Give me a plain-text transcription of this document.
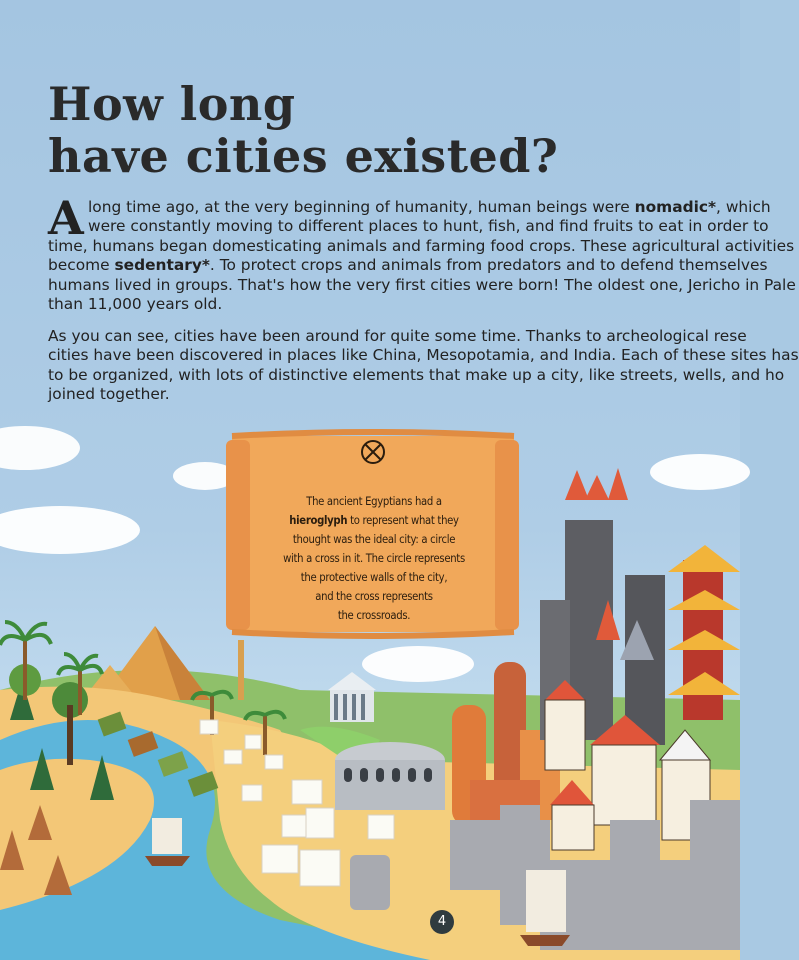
How long
have cities existed?
A long time ago, at the very beginning of humanity, human beings were nomadic*, which
were constantly moving to different places to hunt, fish, and find fruits to eat in order to
time, humans began domesticating animals and farming food crops. These agricultural activities
become sedentary*. To protect crops and animals from predators and to defend themselves
humans lived in groups. That's how the very first cities were born! The oldest one, Jericho in Pale
than 11,000 years old.
As you can see, cities have been around for quite some time. Thanks to archeological rese
cities have been discovered in places like China, Mesopotamia, and India. Each of these sites has
to be organized, with lots of distinctive elements that make up a city, like streets, wells, and ho
joined together.
The ancient Egyptians had a
hieroglyph to represent what they
thought was the ideal city: a circle
with a cross in it. The circle represents
the protective walls of the city,
and the cross represents
the crossroads.
4
